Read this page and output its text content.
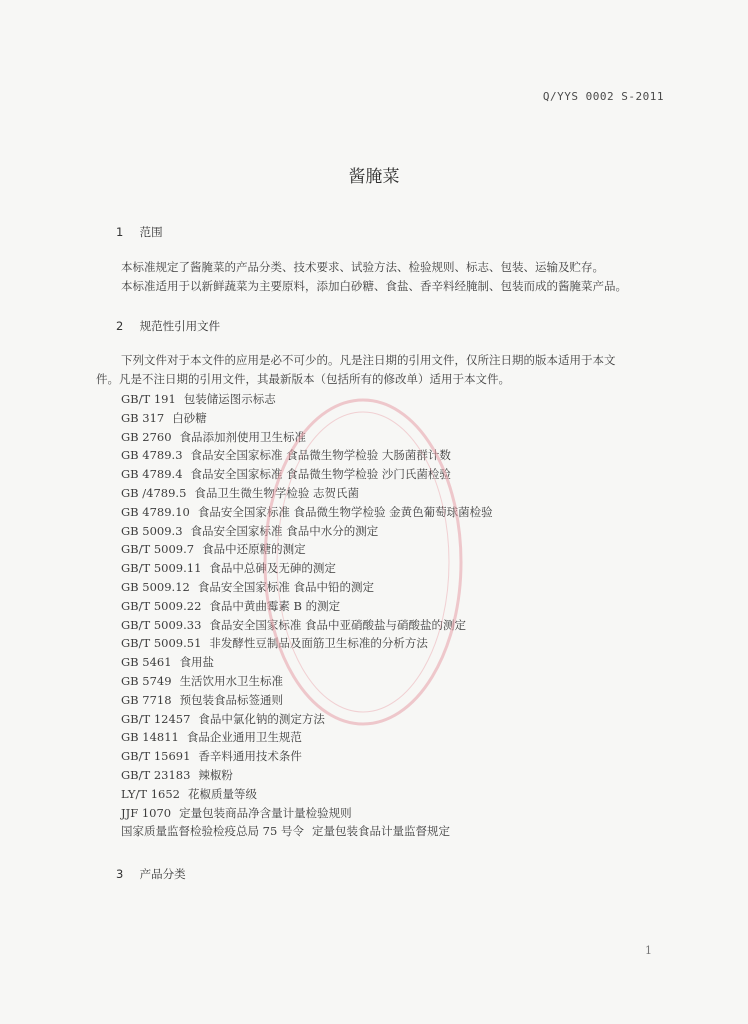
Q/YYS 0002 S-2011
酱腌菜
1 范围
本标准规定了酱腌菜的产品分类、技术要求、试验方法、检验规则、标志、包装、运输及贮存。
本标准适用于以新鲜蔬菜为主要原料，添加白砂糖、食盐、香辛料经腌制、包装而成的酱腌菜产品。
2 规范性引用文件
下列文件对于本文件的应用是必不可少的。凡是注日期的引用文件，仅所注日期的版本适用于本文
件。凡是不注日期的引用文件，其最新版本（包括所有的修改单）适用于本文件。
GB/T 191 包装储运图示标志
GB 317 白砂糖
GB 2760 食品添加剂使用卫生标准
GB 4789.3 食品安全国家标准 食品微生物学检验 大肠菌群计数
GB 4789.4 食品安全国家标准 食品微生物学检验 沙门氏菌检验
GB /4789.5 食品卫生微生物学检验 志贺氏菌
GB 4789.10 食品安全国家标准 食品微生物学检验 金黄色葡萄球菌检验
GB 5009.3 食品安全国家标准 食品中水分的测定
GB/T 5009.7 食品中还原糖的测定
GB/T 5009.11 食品中总砷及无砷的测定
GB 5009.12 食品安全国家标准 食品中铅的测定
GB/T 5009.22 食品中黄曲霉素 B 的测定
GB/T 5009.33 食品安全国家标准 食品中亚硝酸盐与硝酸盐的测定
GB/T 5009.51 非发酵性豆制品及面筋卫生标准的分析方法
GB 5461 食用盐
GB 5749 生活饮用水卫生标准
GB 7718 预包装食品标签通则
GB/T 12457 食品中氯化钠的测定方法
GB 14811 食品企业通用卫生规范
GB/T 15691 香辛料通用技术条件
GB/T 23183 辣椒粉
LY/T 1652 花椒质量等级
JJF 1070 定量包装商品净含量计量检验规则
国家质量监督检验检疫总局 75 号令 定量包装食品计量监督规定
3 产品分类
1
